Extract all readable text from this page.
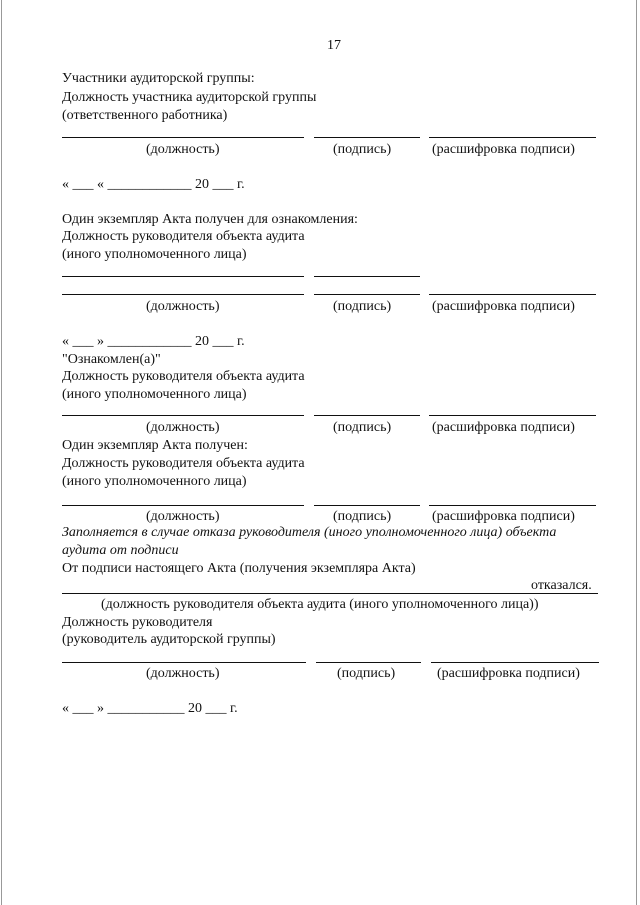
17
Участники аудиторской группы:
Должность участника аудиторской группы
(ответственного работника)
(должность)	(подпись)	(расшифровка подписи)
« ___ « ____________ 20 ___ г.
Один экземпляр Акта получен для ознакомления:
Должность руководителя объекта аудита
(иного уполномоченного лица)
(должность)	(подпись)	(расшифровка подписи)
« ___ » ____________ 20 ___ г.
"Ознакомлен(а)"
Должность руководителя объекта аудита
(иного уполномоченного лица)
(должность)	(подпись)	(расшифровка подписи)
Один экземпляр Акта получен:
Должность руководителя объекта аудита
(иного уполномоченного лица)
(должность)	(подпись)	(расшифровка подписи)
Заполняется в случае отказа руководителя (иного уполномоченного лица) объекта
аудита от подписи
От подписи настоящего Акта (получения экземпляра Акта)
отказался.
(должность руководителя объекта аудита (иного уполномоченного лица))
Должность руководителя
(руководитель аудиторской группы)
(должность)	(подпись)	(расшифровка подписи)
« ___ » ___________ 20 ___ г.
